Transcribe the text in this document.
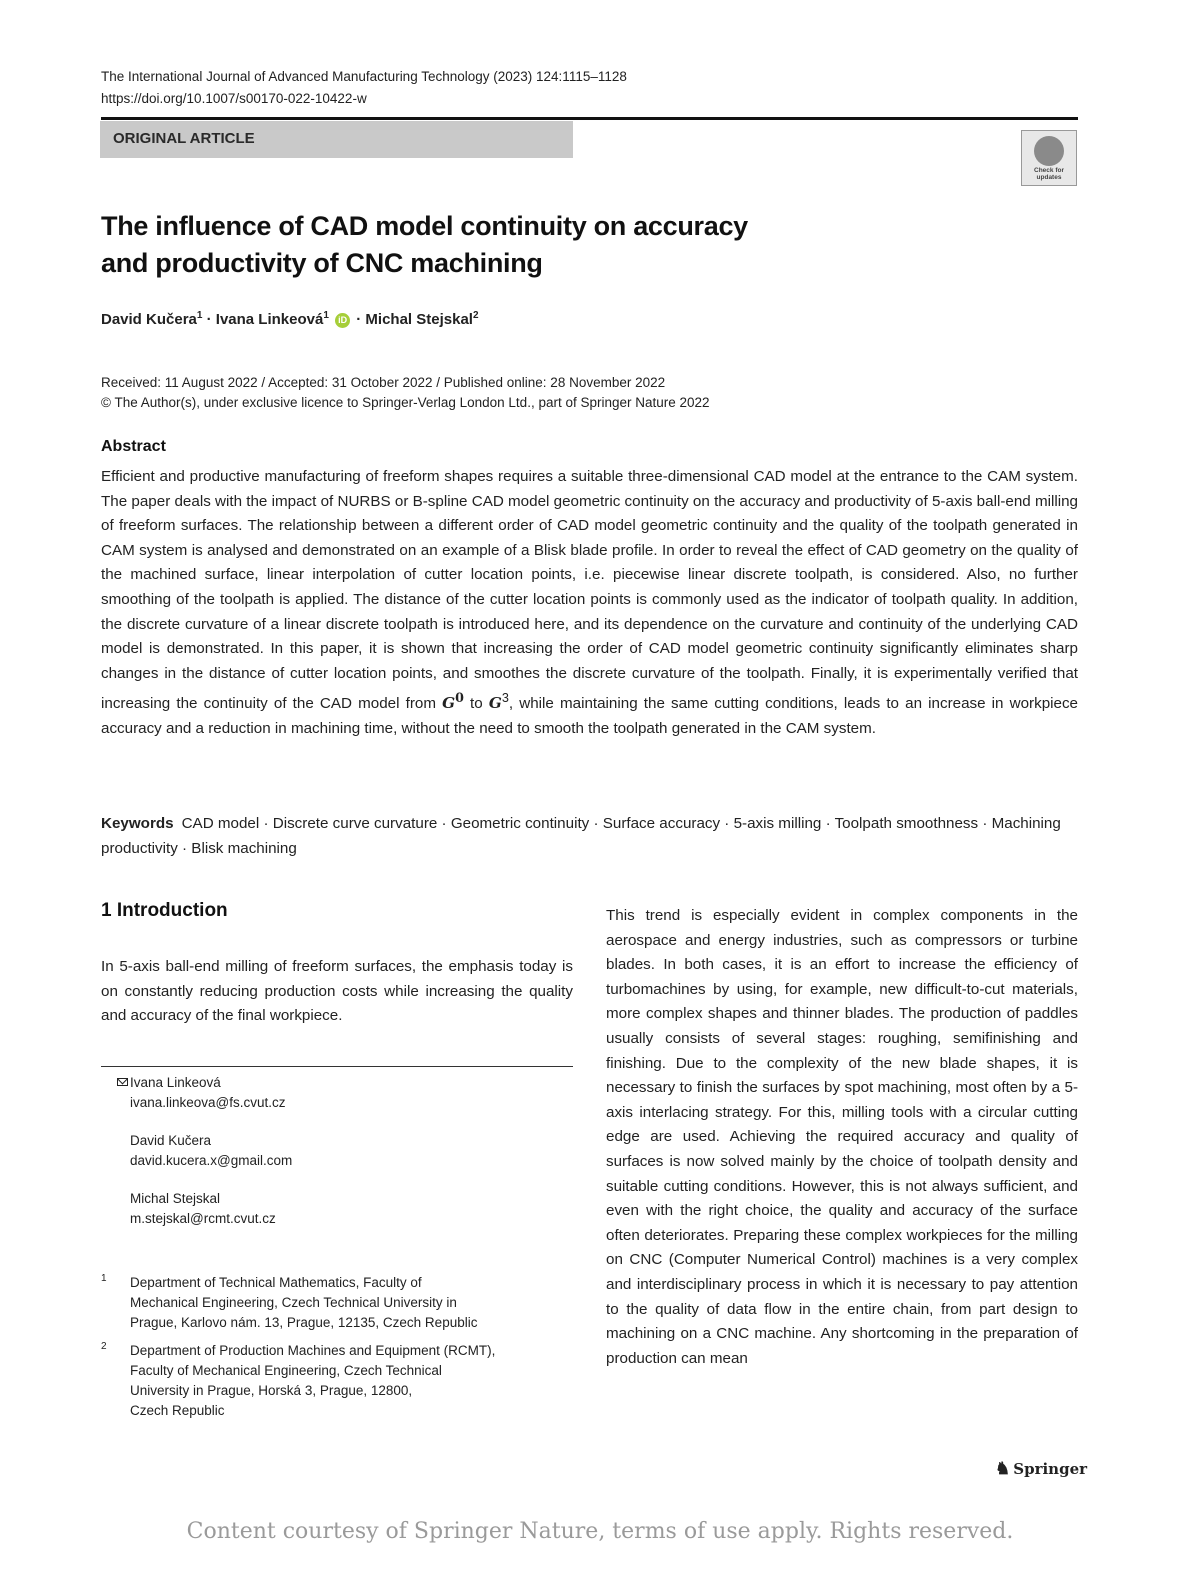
The International Journal of Advanced Manufacturing Technology (2023) 124:1115–1128
https://doi.org/10.1007/s00170-022-10422-w
ORIGINAL ARTICLE
Check for
updates
The influence of CAD model continuity on accuracy
and productivity of CNC machining
David Kučera$^1$ · Ivana Linkeová$^1$ iD · Michal Stejskal$^2$
Received: 11 August 2022 / Accepted: 31 October 2022 / Published online: 28 November 2022
© The Author(s), under exclusive licence to Springer-Verlag London Ltd., part of Springer Nature 2022
Abstract
Efficient and productive manufacturing of freeform shapes requires a suitable three-dimensional CAD model at the entrance to the CAM system. The paper deals with the impact of NURBS or B-spline CAD model geometric continuity on the accuracy and productivity of 5-axis ball-end milling of freeform surfaces. The relationship between a different order of CAD model geometric continuity and the quality of the toolpath generated in CAM system is analysed and demonstrated on an example of a Blisk blade profile. In order to reveal the effect of CAD geometry on the quality of the machined surface, linear interpolation of cutter location points, i.e. piecewise linear discrete toolpath, is considered. Also, no further smoothing of the toolpath is applied. The distance of the cutter location points is commonly used as the indicator of toolpath quality. In addition, the discrete curvature of a linear discrete toolpath is introduced here, and its dependence on the curvature and continuity of the underlying CAD model is demonstrated. In this paper, it is shown that increasing the order of CAD model geometric continuity significantly eliminates sharp changes in the distance of cutter location points, and smoothes the discrete curvature of the toolpath. Finally, it is experimentally verified that increasing the continuity of the CAD model from $G^0$ to $G^3$, while maintaining the same cutting conditions, leads to an increase in workpiece accuracy and a reduction in machining time, without the need to smooth the toolpath generated in the CAM system.
Keywords CAD model · Discrete curve curvature · Geometric continuity · Surface accuracy · 5-axis milling · Toolpath smoothness · Machining productivity · Blisk machining
1 Introduction
In 5-axis ball-end milling of freeform surfaces, the emphasis today is on constantly reducing production costs while increasing the quality and accuracy of the final workpiece.
This trend is especially evident in complex components in the aerospace and energy industries, such as compressors or turbine blades. In both cases, it is an effort to increase the efficiency of turbomachines by using, for example, new difficult-to-cut materials, more complex shapes and thinner blades. The production of paddles usually consists of several stages: roughing, semifinishing and finishing. Due to the complexity of the new blade shapes, it is necessary to finish the surfaces by spot machining, most often by a 5-axis interlacing strategy. For this, milling tools with a circular cutting edge are used. Achieving the required accuracy and quality of surfaces is now solved mainly by the choice of toolpath density and suitable cutting conditions. However, this is not always sufficient, and even with the right choice, the quality and accuracy of the surface often deteriorates. Preparing these complex workpieces for the milling on CNC (Computer Numerical Control) machines is a very complex and interdisciplinary process in which it is necessary to pay attention to the quality of data flow in the entire chain, from part design to machining on a CNC machine. Any shortcoming in the preparation of production can mean
Ivana Linkeová
ivana.linkeova@fs.cvut.cz
David Kučera
david.kucera.x@gmail.com
Michal Stejskal
m.stejskal@rcmt.cvut.cz
1 Department of Technical Mathematics, Faculty of
Mechanical Engineering, Czech Technical University in
Prague, Karlovo nám. 13, Prague, 12135, Czech Republic
2 Department of Production Machines and Equipment (RCMT),
Faculty of Mechanical Engineering, Czech Technical
University in Prague, Horská 3, Prague, 12800,
Czech Republic
♞ Springer
Content courtesy of Springer Nature, terms of use apply. Rights reserved.
